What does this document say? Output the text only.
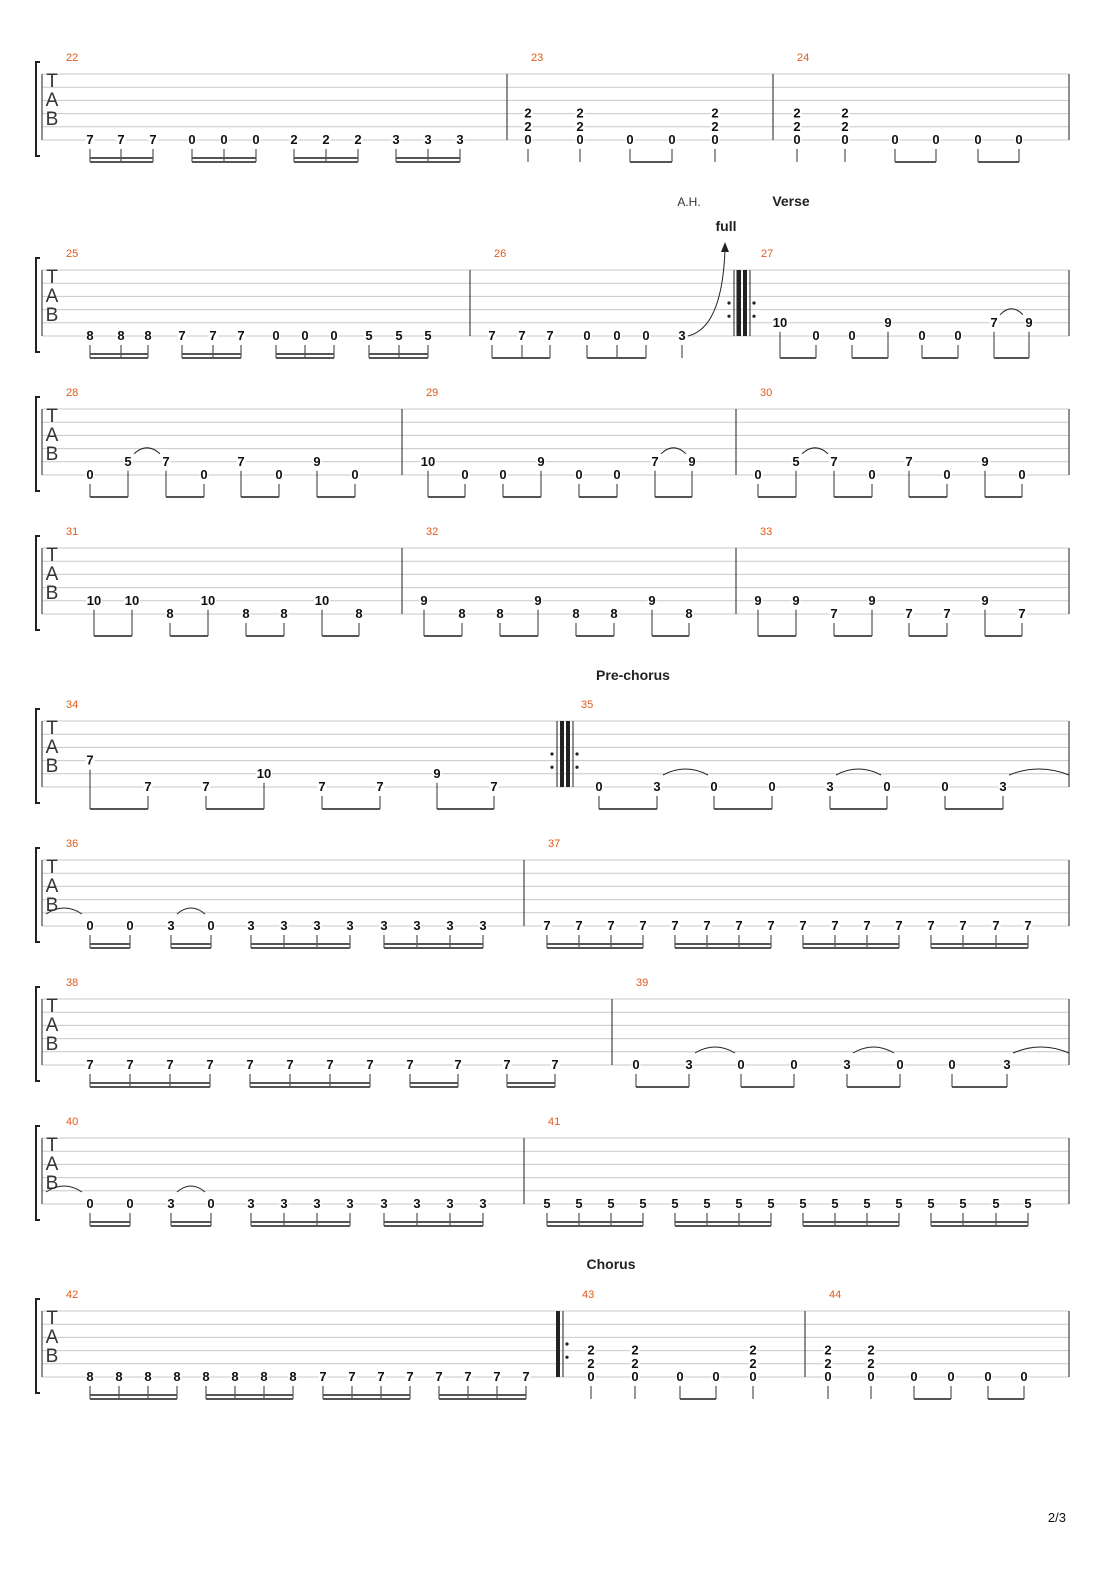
T
A
B
22
7 7 7 0 0 0 2 2 2 3 3 3
23
2
2
0
2
2
0	0	0
2
2
0
24
2
2
0
2
2
0	0	0	0	0
T
A
B
25
8 8 8 7 7 7 0 0 0 5 5 5
26
7 7 7 0 0 0 3
27
10
0 0
9
0 0
7 9
T
A
B
28
0
5 7
0
7
0
9
0
29
10
0 0
9
0 0
7 9
30
0
5 7
0
7
0
9
0
T
A
B
31
10 10
8
10
8 8
10
8
32
9
8 8
9
8 8
9
8
33
9 9
7
9
7 7
9
7
T
A
B
34
7
7	7
10
7	7
9
7
35
0	3	0	0	3	0	0	3
T
A
B
36
0	0	3	0	3 3 3 3 3 3 3 3
37
7 7 7 7 7 7 7 7 7 7 7 7 7 7 7 7
T
A
B
38
7	7	7	7	7	7	7	7	7	7	7	7
39
0	3	0	0	3	0	0	3
T
A
B
40
0	0	3	0	3 3 3 3 3 3 3 3
41
5 5 5 5 5 5 5 5 5 5 5 5 5 5 5 5
T
A
B
42
8 8 8 8 8 8 8 8 7 7 7 7 7 7 7 7
43
2
2
0
2
2
0	0 0
2
2
0
44
2
2
0
2
2
0	0 0 0 0
Verse
Pre-chorus
Chorus
A.H.
full
2/3
